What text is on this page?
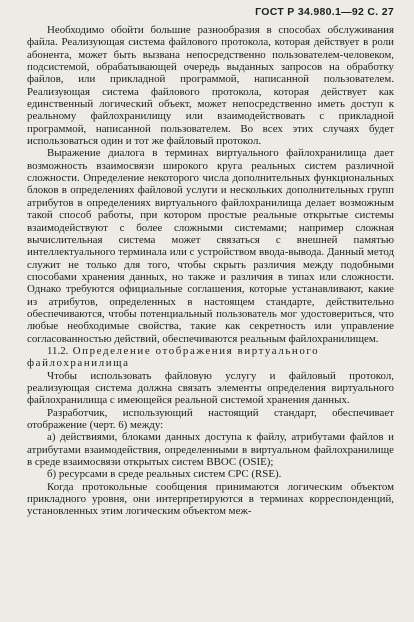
ГОСТ Р 34.980.1—92 С. 27

Необходимо обойти большие разнообразия в способах обслуживания файла. Реализующая система файлового протокола, которая действует в роли абонента, может быть вызвана непосредственно пользователем-человеком, подсистемой, обрабатывающей очередь выданных запросов на обработку файлов, или прикладной программой, написанной пользователем. Реализующая система файлового протокола, которая действует как единственный логический объект, может непосредственно иметь доступ к реальному файлохранилищу или взаимодействовать с прикладной программой, написанной пользователем. Во всех этих случаях будет использоваться один и тот же файловый протокол.

Выражение диалога в терминах виртуального файлохранилища дает возможность взаимосвязи широкого круга реальных систем различной сложности. Определение некоторого числа дополнительных функциональных блоков в определениях файловой услуги и нескольких дополнительных групп атрибутов в определениях виртуального файлохранилища делает возможным такой способ работы, при котором простые реальные открытые системы взаимодействуют с более сложными системами; например сложная вычислительная система может связаться с внешней памятью интеллектуального терминала или с устройством ввода-вывода. Данный метод служит не только для того, чтобы скрыть различия между подобными способами хранения данных, но также и различия в типах или сложности. Однако требуются официальные соглашения, которые устанавливают, какие из атрибутов, определенных в настоящем стандарте, действительно обеспечиваются, чтобы потенциальный пользователь мог удостовериться, что любые необходимые свойства, такие как секретность или управление согласованностью действий, обеспечиваются реальным файлохранилищем.

11.2. Определение отображения виртуального файлохранилища

Чтобы использовать файловую услугу и файловый протокол, реализующая система должна связать элементы определения виртуального файлохранилища с имеющейся реальной системой хранения данных.

Разработчик, использующий настоящий стандарт, обеспечивает отображение (черт. 6) между:

а) действиями, блоками данных доступа к файлу, атрибутами файлов и атрибутами взаимодействия, определенными в виртуальном файлохранилище в среде взаимосвязи открытых систем ВВОС (OSIE);

б) ресурсами в среде реальных систем СРС (RSE).

Когда протокольные сообщения принимаются логическим объектом прикладного уровня, они интерпретируются в терминах корреспонденций, установленных этим логическим объектом меж-
